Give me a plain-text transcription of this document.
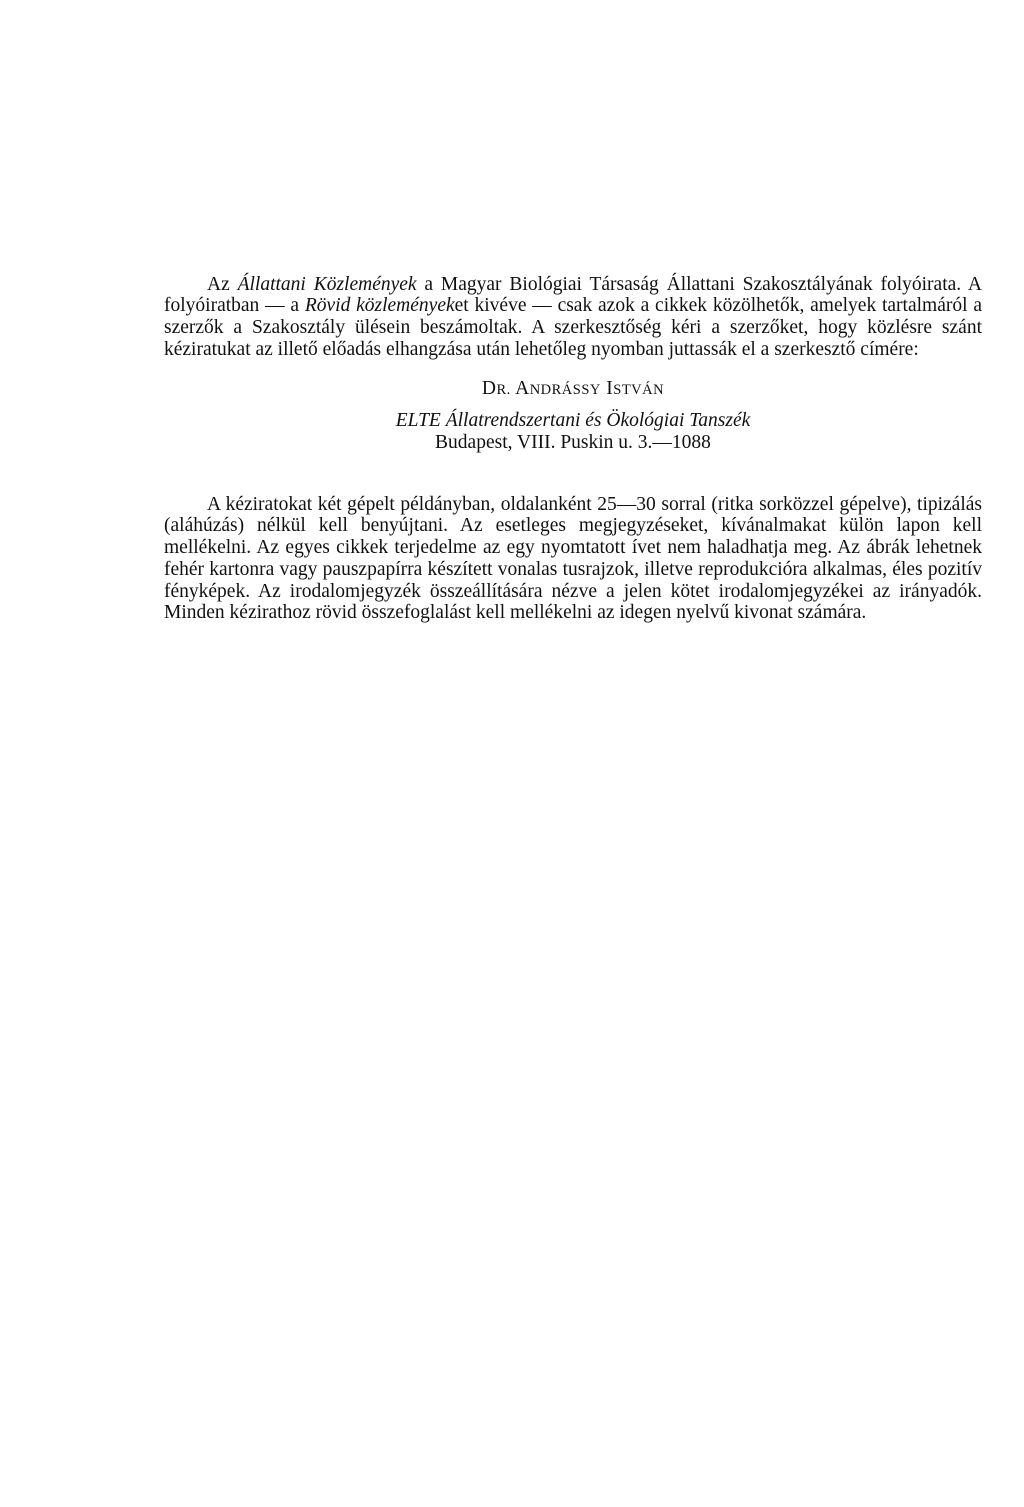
Az Állattani Közlemények a Magyar Biológiai Társaság Állattani Szakosztályának folyóirata. A folyóiratban — a Rövid közleményeket kivéve — csak azok a cikkek közölhetők, amelyek tartalmáról a szerzők a Szakosztály ülésein beszámoltak. A szerkesztőség kéri a szerzőket, hogy közlésre szánt kéziratukat az illető előadás elhangzása után lehetőleg nyomban juttassák el a szerkesztő címére:

DR. ANDRÁSSY ISTVÁN
ELTE Állatrendszertani és Ökológiai Tanszék
Budapest, VIII. Puskin u. 3.—1088

A kéziratokat két gépelt példányban, oldalanként 25—30 sorral (ritka sorközzel gépelve), tipizálás (aláhúzás) nélkül kell benyújtani. Az esetleges megjegyzéseket, kívánalmakat külön lapon kell mellékelni. Az egyes cikkek terjedelme az egy nyomtatott ívet nem haladhatja meg. Az ábrák lehetnek fehér kartonra vagy pauszpapírra készített vonalas tusrajzok, illetve reprodukcióra alkalmas, éles pozitív fényképek. Az irodalomjegyzék összeállítására nézve a jelen kötet irodalomjegyzékei az irányadók. Minden kézirathoz rövid összefoglalást kell mellékelni az idegen nyelvű kivonat számára.
